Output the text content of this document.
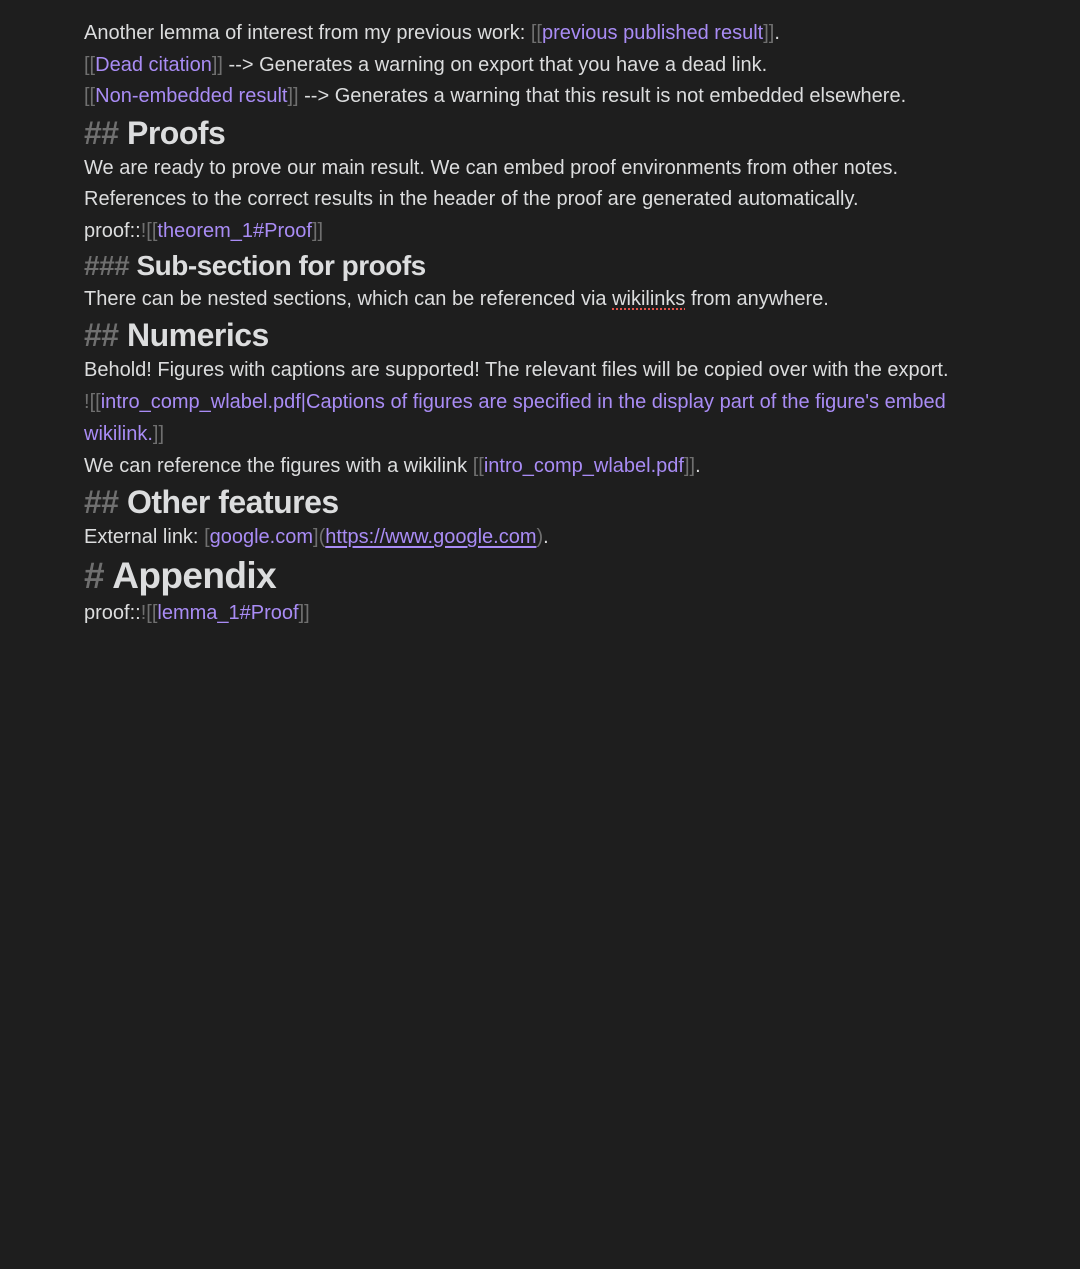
Another lemma of interest from my previous work: [[previous published result]].
[[Dead citation]] --> Generates a warning on export that you have a dead link.
[[Non-embedded result]] --> Generates a warning that this result is not embedded elsewhere.
## Proofs
We are ready to prove our main result. We can embed proof environments from other notes.
References to the correct results in the header of the proof are generated automatically.
proof::![[theorem_1#Proof]]
### Sub-section for proofs
There can be nested sections, which can be referenced via wikilinks from anywhere.
## Numerics
Behold! Figures with captions are supported! The relevant files will be copied over with the export.
![[intro_comp_wlabel.pdf|Captions of figures are specified in the display part of the figure's embed wikilink.]]
We can reference the figures with a wikilink [[intro_comp_wlabel.pdf]].
## Other features
External link: [google.com](https://www.google.com).
# Appendix
proof::![[lemma_1#Proof]]
